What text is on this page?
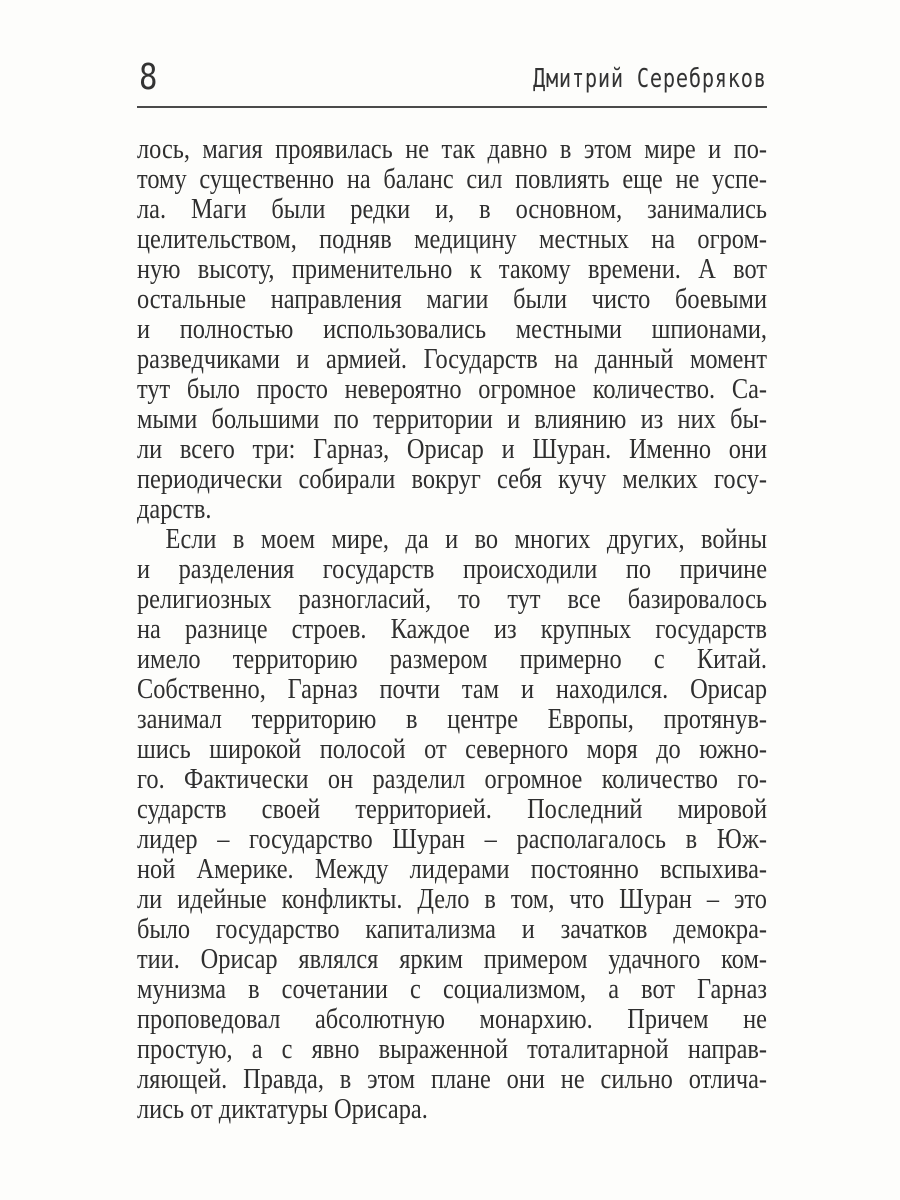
8	Дмитрий Серебряков
лось, магия проявилась не так давно в этом мире и по-
тому существенно на баланс сил повлиять еще не успе-
ла. Маги были редки и, в основном, занимались
целительством, подняв медицину местных на огром-
ную высоту, применительно к такому времени. А вот
остальные направления магии были чисто боевыми
и полностью использовались местными шпионами,
разведчиками и армией. Государств на данный момент
тут было просто невероятно огромное количество. Са-
мыми большими по территории и влиянию из них бы-
ли всего три: Гарназ, Орисар и Шуран. Именно они
периодически собирали вокруг себя кучу мелких госу-
дарств.
Если в моем мире, да и во многих других, войны
и разделения государств происходили по причине
религиозных разногласий, то тут все базировалось
на разнице строев. Каждое из крупных государств
имело территорию размером примерно с Китай.
Собственно, Гарназ почти там и находился. Орисар
занимал территорию в центре Европы, протянув-
шись широкой полосой от северного моря до южно-
го. Фактически он разделил огромное количество го-
сударств своей территорией. Последний мировой
лидер – государство Шуран – располагалось в Юж-
ной Америке. Между лидерами постоянно вспыхива-
ли идейные конфликты. Дело в том, что Шуран – это
было государство капитализма и зачатков демокра-
тии. Орисар являлся ярким примером удачного ком-
мунизма в сочетании с социализмом, а вот Гарназ
проповедовал абсолютную монархию. Причем не
простую, а с явно выраженной тоталитарной направ-
ляющей. Правда, в этом плане они не сильно отлича-
лись от диктатуры Орисара.
